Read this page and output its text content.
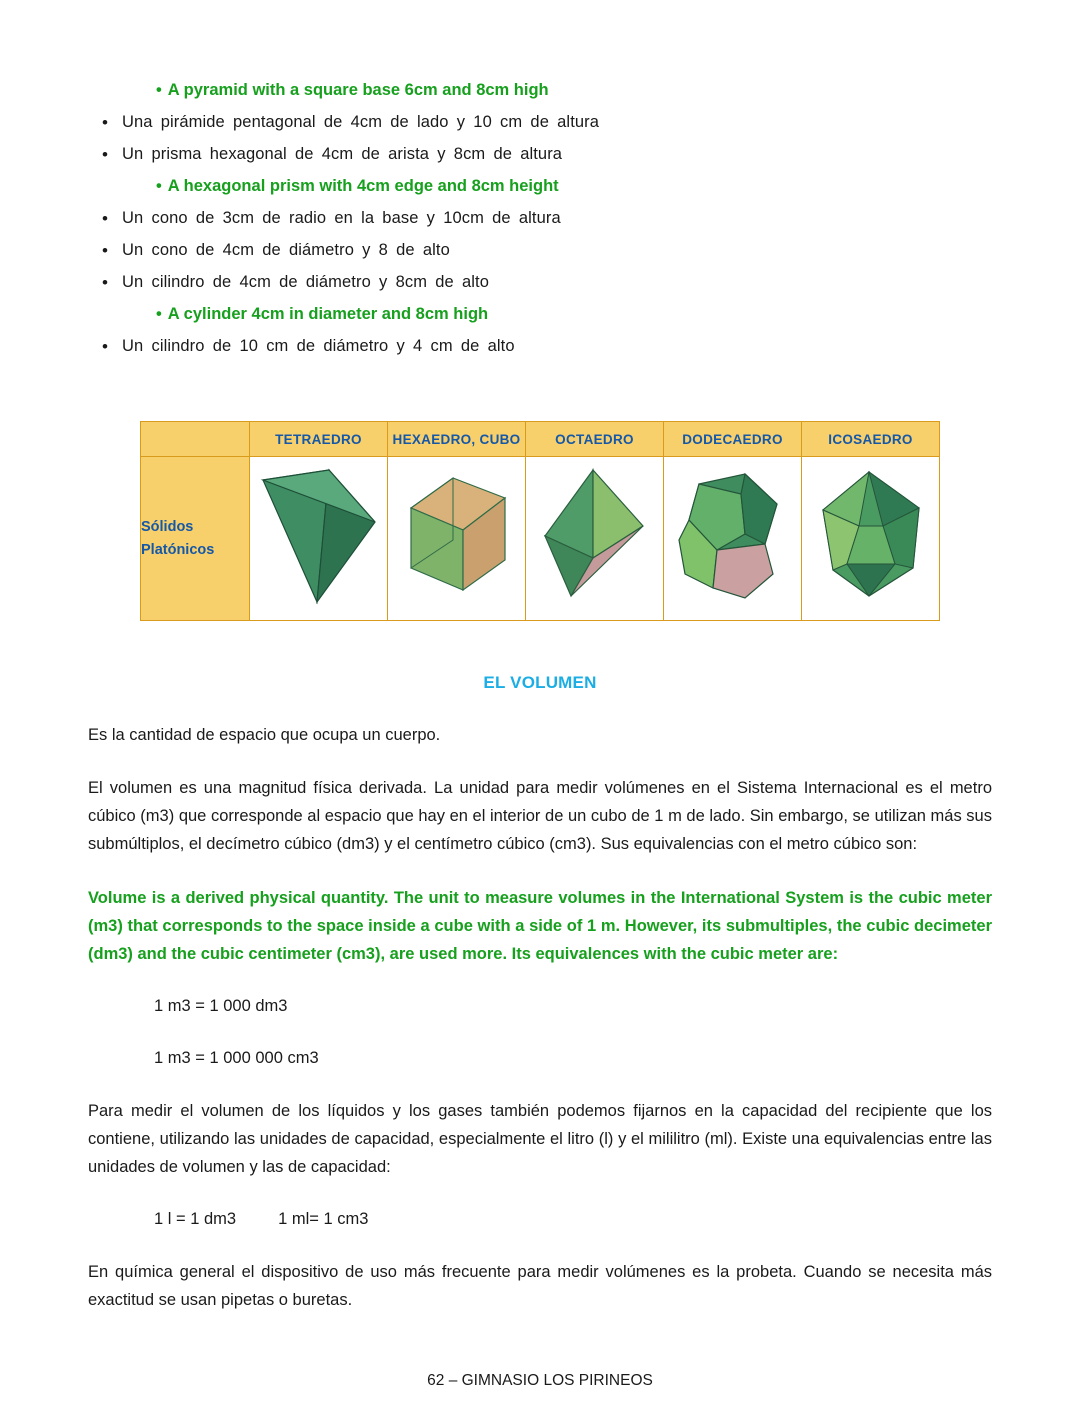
• A pyramid with a square base 6cm and 8cm high
• Una pirámide pentagonal de 4cm de lado y 10 cm de altura
• Un prisma hexagonal de 4cm de arista y 8cm de altura
• A hexagonal prism with 4cm edge and 8cm height
• Un cono de 3cm de radio en la base y 10cm de altura
• Un cono de 4cm de diámetro y 8 de alto
• Un cilindro de 4cm de diámetro y 8cm de alto
• A cylinder 4cm in diameter and 8cm high
• Un cilindro de 10 cm de diámetro y 4 cm de alto
	TETRAEDRO	HEXAEDRO, CUBO	OCTAEDRO	DODECAEDRO	ICOSAEDRO

Sólidos
Platónicos

EL VOLUMEN

Es la cantidad de espacio que ocupa un cuerpo.

El volumen es una magnitud física derivada. La unidad para medir volúmenes en el Sistema Internacional es el metro cúbico (m3) que corresponde al espacio que hay en el interior de un cubo de 1 m de lado. Sin embargo, se utilizan más sus submúltiplos, el decímetro cúbico (dm3) y el centímetro cúbico (cm3). Sus equivalencias con el metro cúbico son:

Volume is a derived physical quantity. The unit to measure volumes in the International System is the cubic meter (m3) that corresponds to the space inside a cube with a side of 1 m. However, its submultiples, the cubic decimeter (dm3) and the cubic centimeter (cm3), are used more. Its equivalences with the cubic meter are:

1 m3 = 1 000 dm3

1 m3 = 1 000 000 cm3

Para medir el volumen de los líquidos y los gases también podemos fijarnos en la capacidad del recipiente que los contiene, utilizando las unidades de capacidad, especialmente el litro (l) y el mililitro (ml). Existe una equivalencias entre las unidades de volumen y las de capacidad:

1 l = 1 dm3	1 ml= 1 cm3

En química general el dispositivo de uso más frecuente para medir volúmenes es la probeta. Cuando se necesita más exactitud se usan pipetas o buretas.

62 – GIMNASIO LOS PIRINEOS
